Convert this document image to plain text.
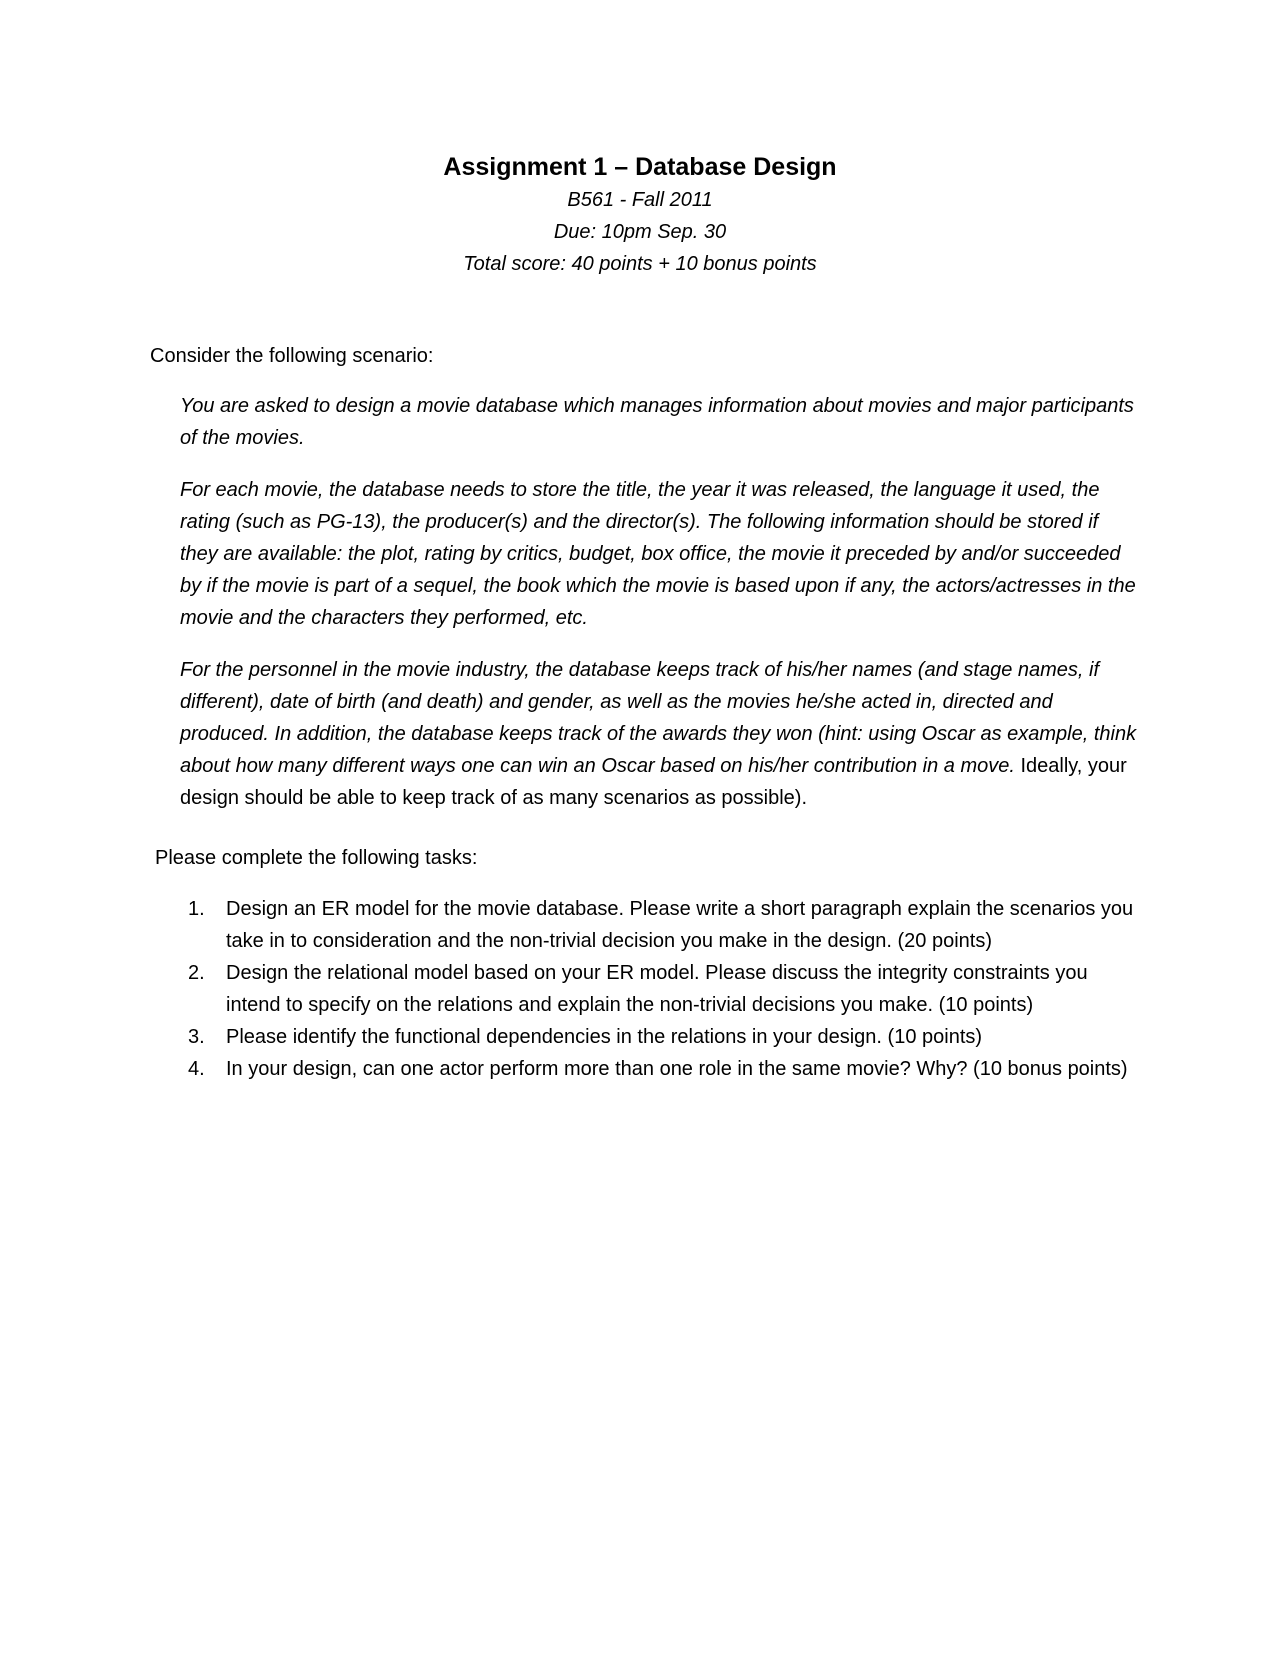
Assignment 1 – Database Design

B561 - Fall 2011

Due: 10pm Sep. 30

Total score: 40 points + 10 bonus points

Consider the following scenario:

You are asked to design a movie database which manages information about movies and major participants of the movies.

For each movie, the database needs to store the title, the year it was released, the language it used, the rating (such as PG-13), the producer(s) and the director(s). The following information should be stored if they are available: the plot, rating by critics, budget, box office, the movie it preceded by and/or succeeded by if the movie is part of a sequel, the book which the movie is based upon if any, the actors/actresses in the movie and the characters they performed, etc.

For the personnel in the movie industry, the database keeps track of his/her names (and stage names, if different), date of birth (and death) and gender, as well as the movies he/she acted in, directed and produced. In addition, the database keeps track of the awards they won (hint: using Oscar as example, think about how many different ways one can win an Oscar based on his/her contribution in a move. Ideally, your design should be able to keep track of as many scenarios as possible).

Please complete the following tasks:

1. Design an ER model for the movie database. Please write a short paragraph explain the scenarios you take in to consideration and the non-trivial decision you make in the design. (20 points)
2. Design the relational model based on your ER model. Please discuss the integrity constraints you intend to specify on the relations and explain the non-trivial decisions you make. (10 points)
3. Please identify the functional dependencies in the relations in your design. (10 points)
4. In your design, can one actor perform more than one role in the same movie? Why? (10 bonus points)
